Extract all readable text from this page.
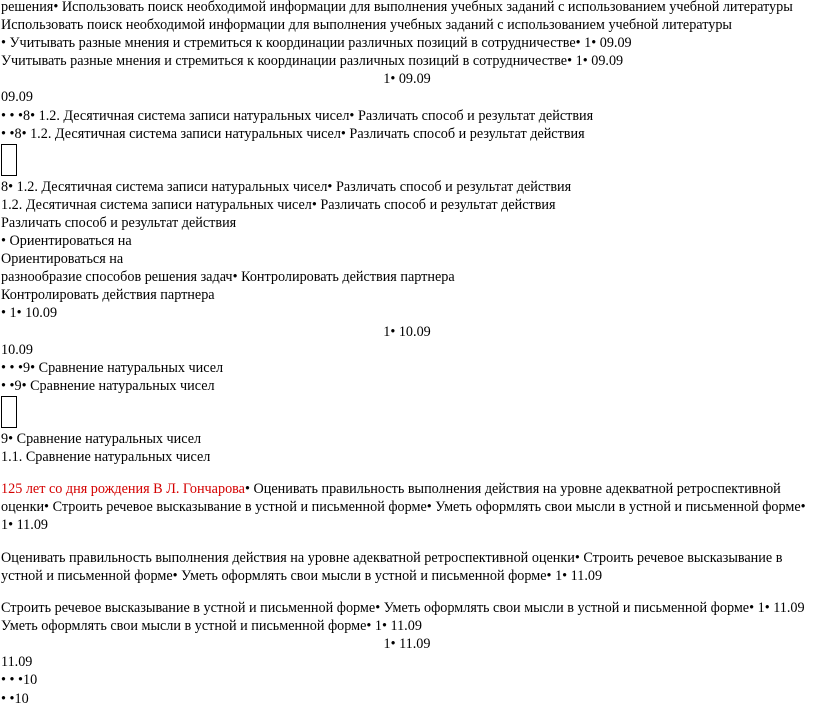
решения• Использовать поиск необходимой информации для выполнения учебных заданий с использованием учебной литературы

Использовать поиск необходимой информации для выполнения учебных заданий с использованием учебной литературы

• Учитывать разные мнения и стремиться к координации различных позиций в сотрудничестве• 1• 09.09

Учитывать разные мнения и стремиться к координации различных позиций в сотрудничестве• 1• 09.09

1• 09.09

09.09

• • •8• 1.2. Десятичная система записи натуральных чисел• Различать способ и результат действия

• •8• 1.2. Десятичная система записи натуральных чисел• Различать способ и результат действия

8• 1.2. Десятичная система записи натуральных чисел• Различать способ и результат действия

1.2. Десятичная система записи натуральных чисел• Различать способ и результат действия

Различать способ и результат действия

• Ориентироваться на

Ориентироваться на

разнообразие способов решения задач• Контролировать действия партнера

Контролировать действия партнера

• 1• 10.09

1• 10.09

10.09

• • •9• Сравнение натуральных чисел

• •9• Сравнение натуральных чисел

9• Сравнение натуральных чисел

1.1. Сравнение натуральных чисел

125 лет со дня рождения В Л. Гончарова• Оценивать правильность выполнения действия на уровне адекватной ретроспективной оценки• Строить речевое высказывание в устной и письменной форме• Уметь оформлять свои мысли в устной и письменной форме• 1• 11.09

Оценивать правильность выполнения действия на уровне адекватной ретроспективной оценки• Строить речевое высказывание в устной и письменной форме• Уметь оформлять свои мысли в устной и письменной форме• 1• 11.09

Строить речевое высказывание в устной и письменной форме• Уметь оформлять свои мысли в устной и письменной форме• 1• 11.09

Уметь оформлять свои мысли в устной и письменной форме• 1• 11.09

1• 11.09

11.09

• • •10

• •10
